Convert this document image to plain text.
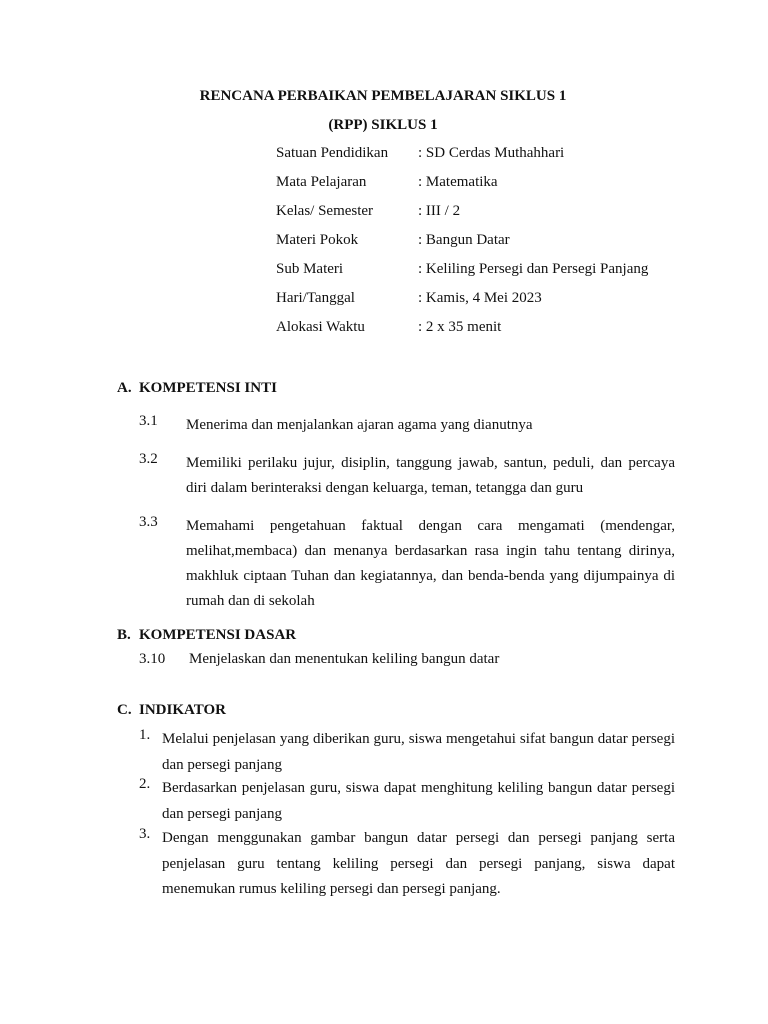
RENCANA PERBAIKAN PEMBELAJARAN SIKLUS 1
(RPP) SIKLUS 1
Satuan Pendidikan : SD Cerdas Muthahhari
Mata Pelajaran	: Matematika
Kelas/ Semester	: III / 2
Materi Pokok	: Bangun Datar
Sub Materi	: Keliling Persegi dan Persegi Panjang
Hari/Tanggal	: Kamis, 4 Mei 2023
Alokasi Waktu	: 2 x 35 menit
A. KOMPETENSI INTI
3.1 Menerima dan menjalankan ajaran agama yang dianutnya
3.2 Memiliki perilaku jujur, disiplin, tanggung jawab, santun, peduli, dan percaya diri dalam berinteraksi dengan keluarga, teman, tetangga dan guru
3.3 Memahami pengetahuan faktual dengan cara mengamati (mendengar, melihat,membaca) dan menanya berdasarkan rasa ingin tahu tentang dirinya, makhluk ciptaan Tuhan dan kegiatannya, dan benda-benda yang dijumpainya di rumah dan di sekolah
B. KOMPETENSI DASAR
3.10 Menjelaskan dan menentukan keliling bangun datar
C. INDIKATOR
1. Melalui penjelasan yang diberikan guru, siswa mengetahui sifat bangun datar persegi dan persegi panjang
2. Berdasarkan penjelasan guru, siswa dapat menghitung keliling bangun datar persegi dan persegi panjang
3. Dengan menggunakan gambar bangun datar persegi dan persegi panjang serta penjelasan guru tentang keliling persegi dan persegi panjang, siswa dapat menemukan rumus keliling persegi dan persegi panjang.
